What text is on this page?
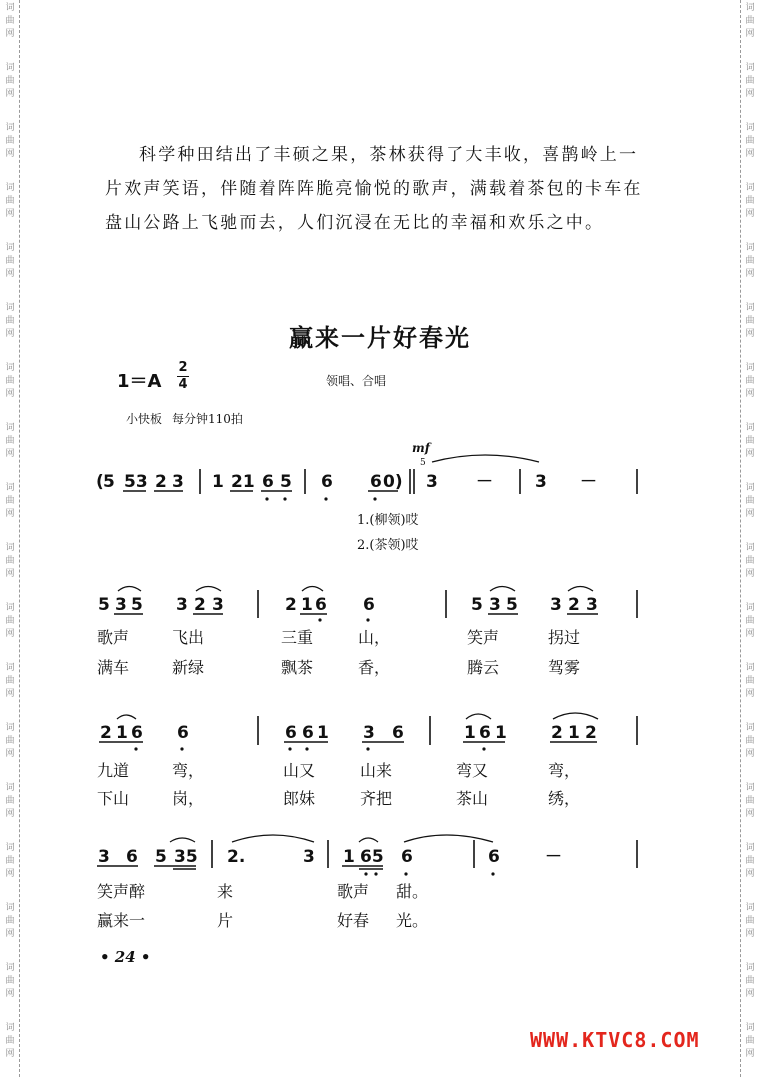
词
曲
网
词
曲
网
词
曲
网
词
曲
网
词
曲
网
词
曲
网
词
曲
网
词
曲
网
词
曲
网
词
曲
网
词
曲
网
词
曲
网
词
曲
网
词
曲
网
词
曲
网
词
曲
网
词
曲
网
词
曲
网
词
曲
网
词
曲
网
词
曲
网
词
曲
网
词
曲
网
词
曲
网
词
曲
网
词
曲
网
词
曲
网
词
曲
网
词
曲
网
词
曲
网
词
曲
网
词
曲
网
词
曲
网
词
曲
网
词
曲
网
词
曲
网
科学种田结出了丰硕之果，茶林获得了大丰收，喜鹊岭上一
片欢声笑语，伴随着阵阵脆亮愉悦的歌声，满载着茶包的卡车在
盘山公路上飞驰而去，人们沉浸在无比的幸福和欢乐之中。
赢来一片好春光
1＝A
2
4	领唱、合唱
小快板 每分钟110拍
( 5 53 2 3 1 21 6 5 6 6 0)
mf
5
3 － 3 －
1.(柳领)哎
2.(茶领)哎
5 3 5 3 2 3	2 1 6 6	5 3 5 3 2 3
歌声	飞出	三重	山，	笑声	拐过
满车	新绿	飘茶	香，	腾云	驾雾
2 1 6 6	6 6 1 3 6	1 6 1	2 1 2
九道	弯，	山又	山来	弯又	弯，
下山	岗，	郎妹	齐把	茶山	绣，
3 6 5 35 2.	3 1 65 6	6	－
笑声醉	来	歌声 甜。
赢来一	片	好春 光。
• 24 •
WWW.KTVC8.COM
